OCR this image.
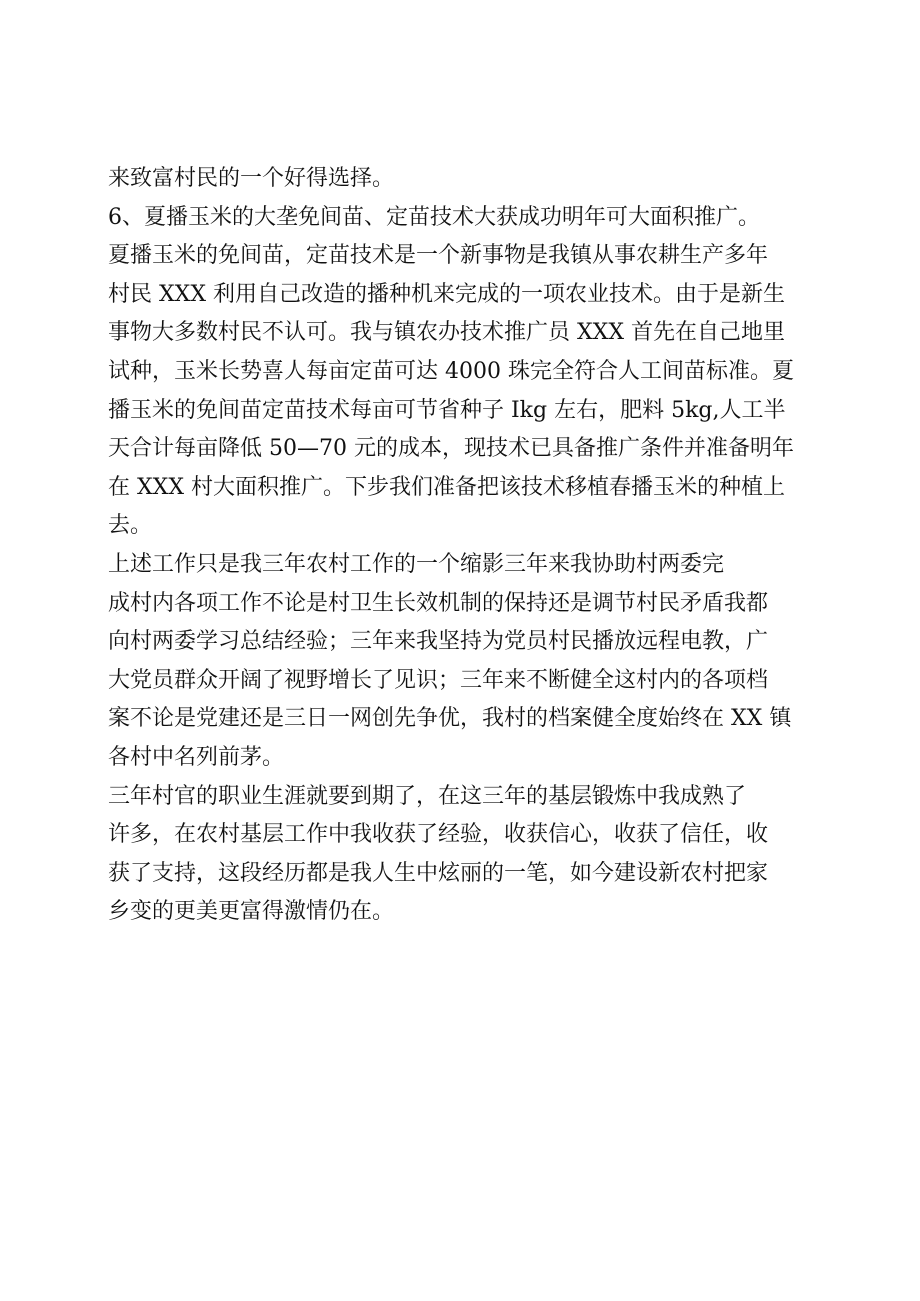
来致富村民的一个好得选择。
6、夏播玉米的大垄免间苗、定苗技术大获成功明年可大面积推广。
夏播玉米的免间苗，定苗技术是一个新事物是我镇从事农耕生产多年
村民 XXX 利用自己改造的播种机来完成的一项农业技术。由于是新生
事物大多数村民不认可。我与镇农办技术推广员 XXX 首先在自己地里
试种，玉米长势喜人每亩定苗可达 4000 珠完全符合人工间苗标准。夏
播玉米的免间苗定苗技术每亩可节省种子 Ikg 左右，肥料 5kg,人工半
天合计每亩降低 50—70 元的成本，现技术已具备推广条件并准备明年
在 XXX 村大面积推广。下步我们准备把该技术移植春播玉米的种植上
去。
上述工作只是我三年农村工作的一个缩影三年来我协助村两委完
成村内各项工作不论是村卫生长效机制的保持还是调节村民矛盾我都
向村两委学习总结经验；三年来我坚持为党员村民播放远程电教，广
大党员群众开阔了视野增长了见识；三年来不断健全这村内的各项档
案不论是党建还是三日一网创先争优，我村的档案健全度始终在 XX 镇
各村中名列前茅。
三年村官的职业生涯就要到期了，在这三年的基层锻炼中我成熟了
许多，在农村基层工作中我收获了经验，收获信心，收获了信任，收
获了支持，这段经历都是我人生中炫丽的一笔，如今建设新农村把家
乡变的更美更富得激情仍在。
